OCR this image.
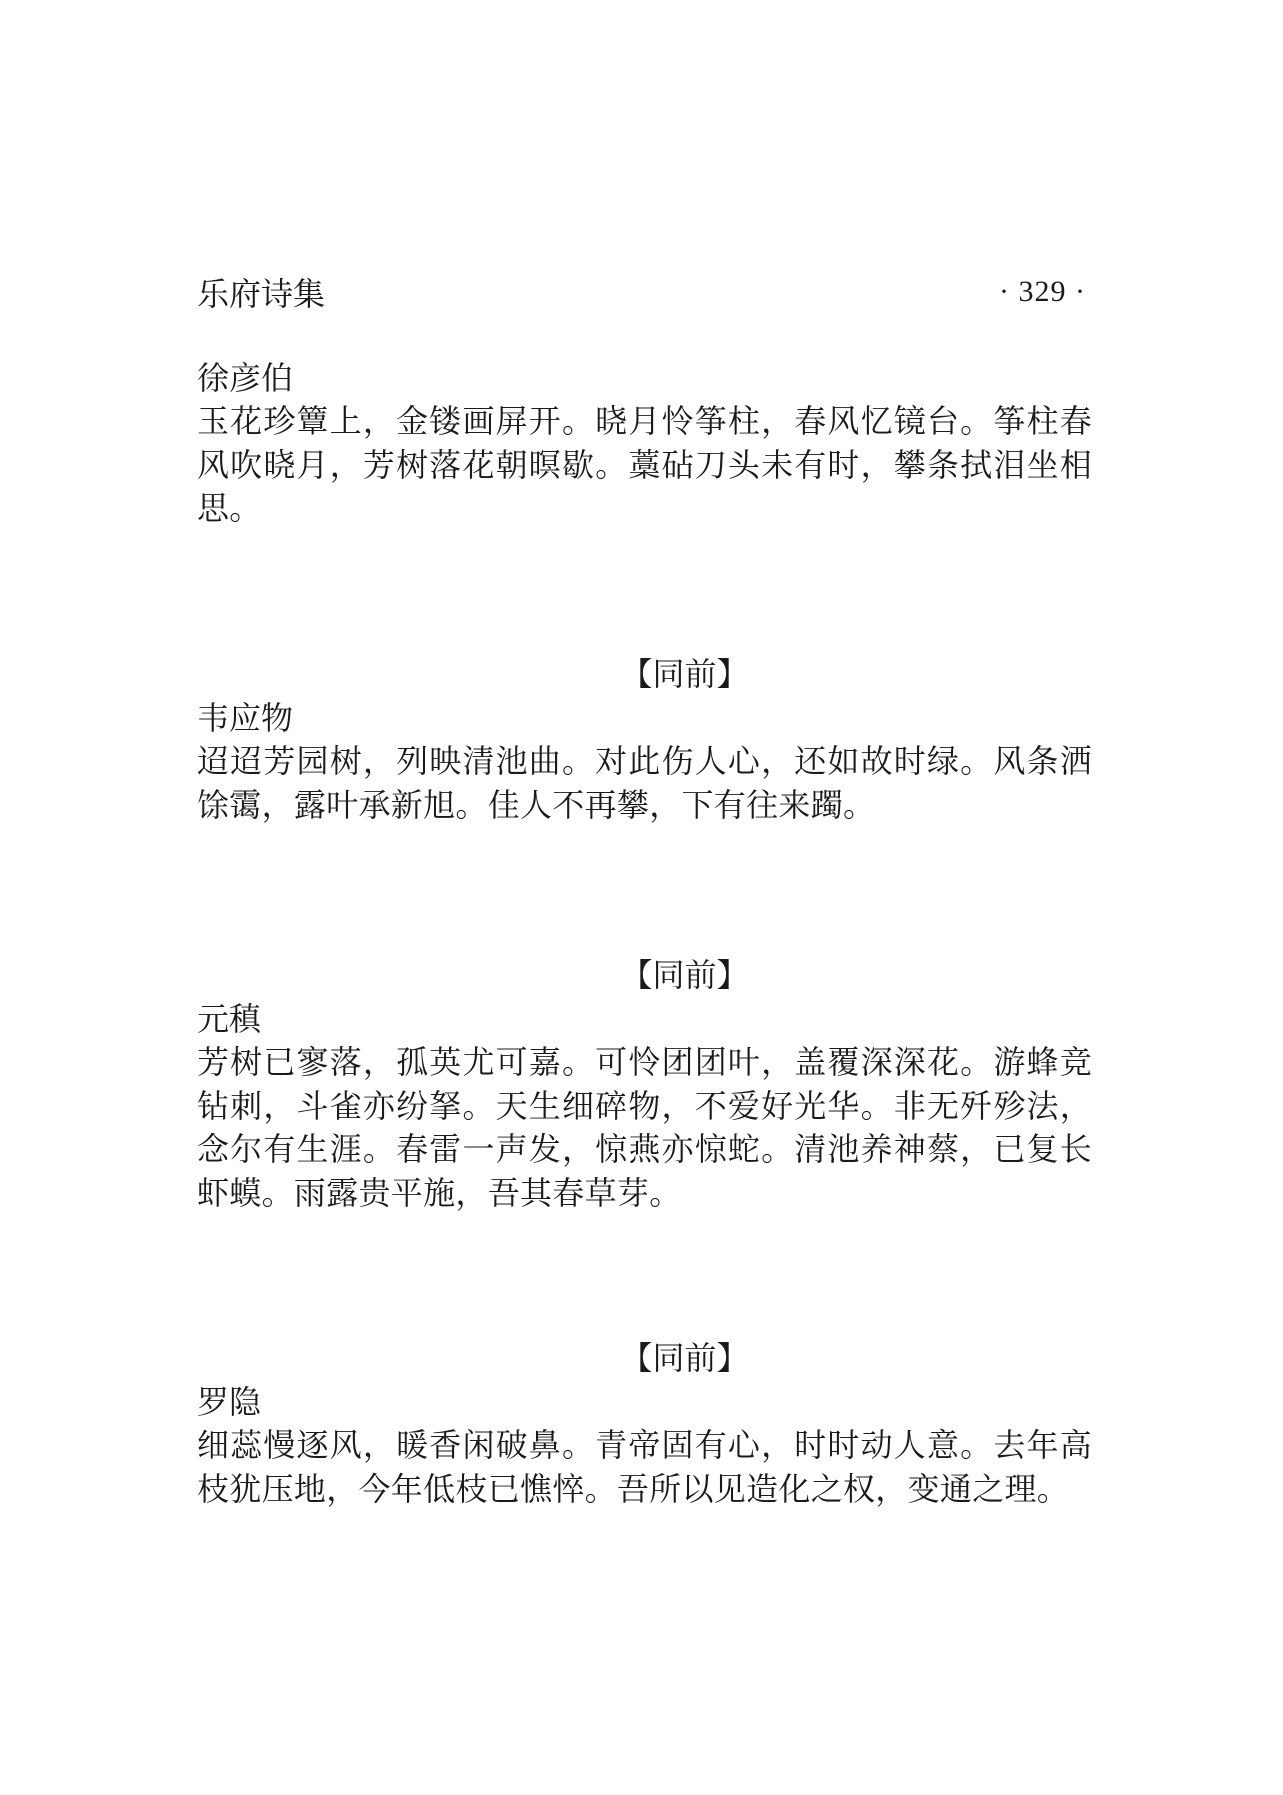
乐府诗集	· 329 ·
徐彦伯

玉花珍簟上，金镂画屏开。晓月怜筝柱，春风忆镜台。筝柱春风吹晓月，芳树落花朝暝歇。藁砧刀头未有时，攀条拭泪坐相思。

【同前】
韦应物

迢迢芳园树，列映清池曲。对此伤人心，还如故时绿。风条洒馀霭，露叶承新旭。佳人不再攀，下有往来躅。

【同前】
元稹

芳树已寥落，孤英尤可嘉。可怜团团叶，盖覆深深花。游蜂竞钻刺，斗雀亦纷拏。天生细碎物，不爱好光华。非无歼殄法，念尔有生涯。春雷一声发，惊燕亦惊蛇。清池养神蔡，已复长虾蟆。雨露贵平施，吾其春草芽。

【同前】
罗隐

细蕊慢逐风，暖香闲破鼻。青帝固有心，时时动人意。去年高枝犹压地，今年低枝已憔悴。吾所以见造化之权，变通之理。
